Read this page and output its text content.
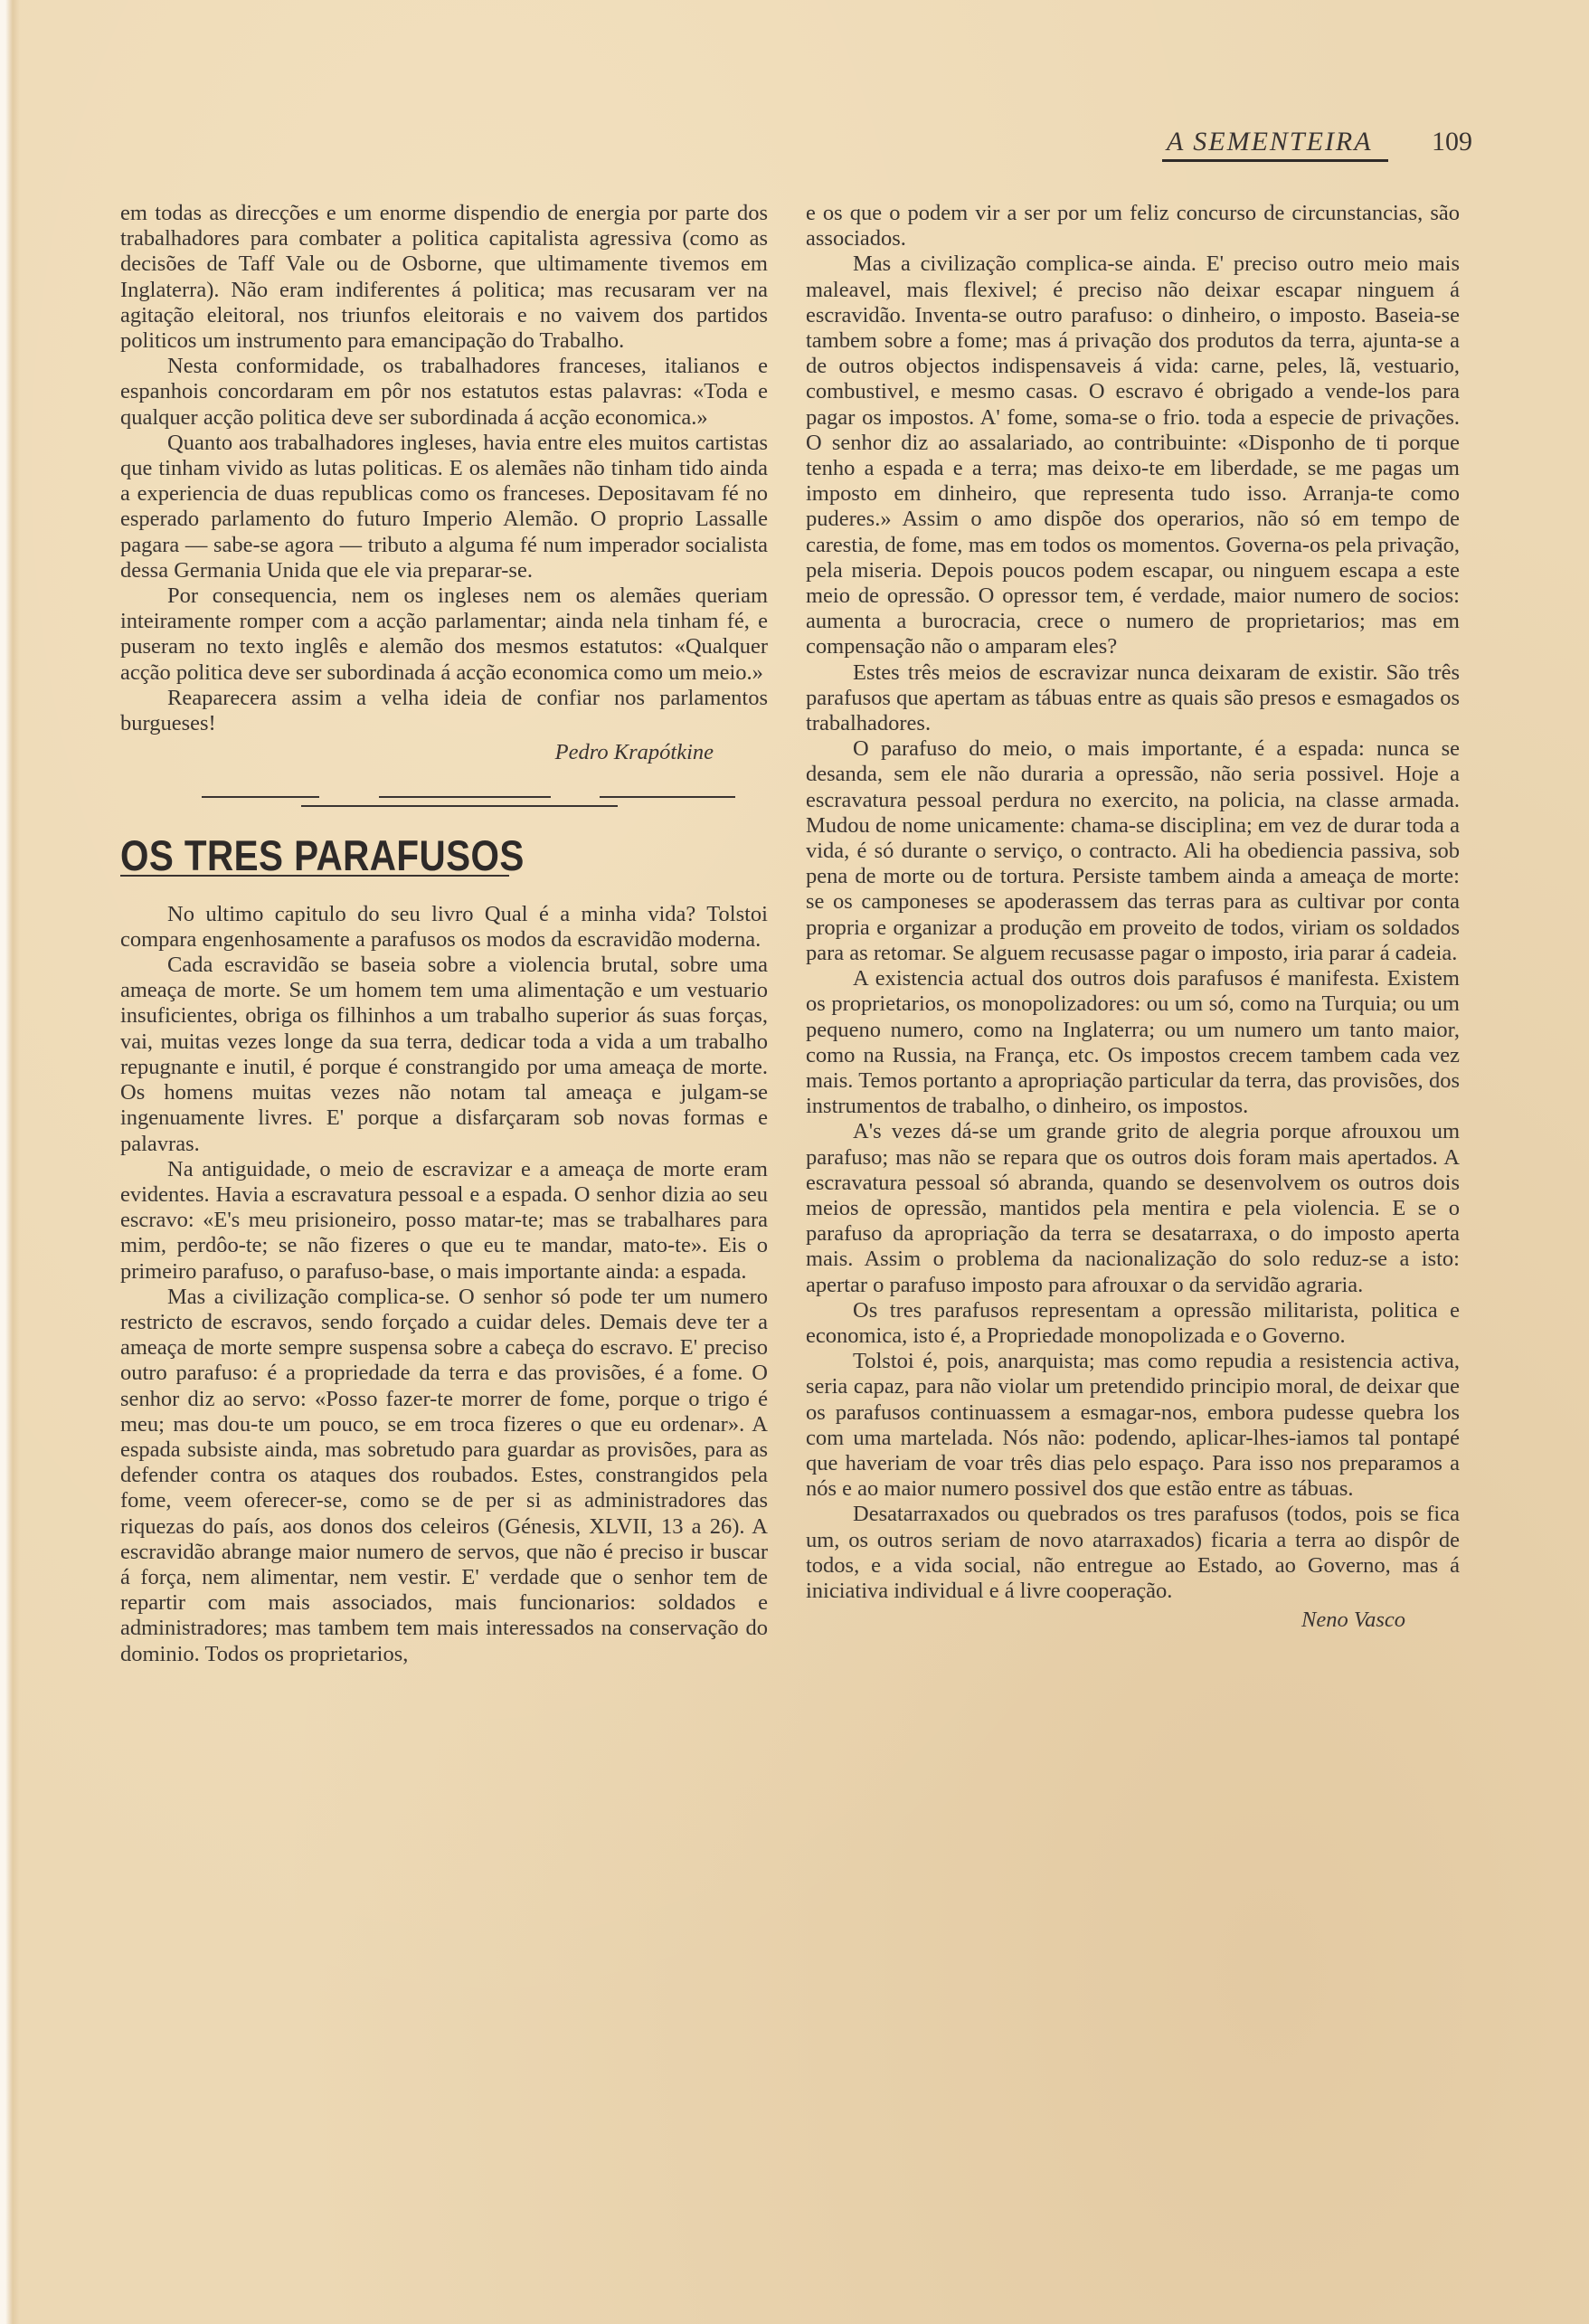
A SEMENTEIRA 109

em todas as direcções e um enorme dispendio de energia por parte dos trabalhadores para combater a politica capitalista agressiva (como as decisões de Taff Vale ou de Osborne, que ultimamente tivemos em Inglaterra). Não eram indiferentes á politica; mas recusaram ver na agitação eleitoral, nos triunfos eleitorais e no vaivem dos partidos politicos um instrumento para emancipação do Trabalho.

Nesta conformidade, os trabalhadores franceses, italianos e espanhois concordaram em pôr nos estatutos estas palavras: «Toda e qualquer acção politica deve ser subordinada á acção economica.»

Quanto aos trabalhadores ingleses, havia entre eles muitos cartistas que tinham vivido as lutas politicas. E os alemães não tinham tido ainda a experiencia de duas republicas como os franceses. Depositavam fé no esperado parlamento do futuro Imperio Alemão. O proprio Lassalle pagara — sabe-se agora — tributo a alguma fé num imperador socialista dessa Germania Unida que ele via preparar-se.

Por consequencia, nem os ingleses nem os alemães queriam inteiramente romper com a acção parlamentar; ainda nela tinham fé, e puseram no texto inglês e alemão dos mesmos estatutos: «Qualquer acção politica deve ser subordinada á acção economica como um meio.»

Reaparecera assim a velha ideia de confiar nos parlamentos burgueses!

Pedro Krapótkine

OS TRES PARAFUSOS

No ultimo capitulo do seu livro Qual é a minha vida? Tolstoi compara engenhosamente a parafusos os modos da escravidão moderna.

Cada escravidão se baseia sobre a violencia brutal, sobre uma ameaça de morte. Se um homem tem uma alimentação e um vestuario insuficientes, obriga os filhinhos a um trabalho superior ás suas forças, vai, muitas vezes longe da sua terra, dedicar toda a vida a um trabalho repugnante e inutil, é porque é constrangido por uma ameaça de morte. Os homens muitas vezes não notam tal ameaça e julgam-se ingenuamente livres. E' porque a disfarçaram sob novas formas e palavras.

Na antiguidade, o meio de escravizar e a ameaça de morte eram evidentes. Havia a escravatura pessoal e a espada. O senhor dizia ao seu escravo: «E's meu prisioneiro, posso matar-te; mas se trabalhares para mim, perdôo-te; se não fizeres o que eu te mandar, mato-te». Eis o primeiro parafuso, o parafuso-base, o mais importante ainda: a espada.

Mas a civilização complica-se. O senhor só pode ter um numero restricto de escravos, sendo forçado a cuidar deles. Demais deve ter a ameaça de morte sempre suspensa sobre a cabeça do escravo. E' preciso outro parafuso: é a propriedade da terra e das provisões, é a fome. O senhor diz ao servo: «Posso fazer-te morrer de fome, porque o trigo é meu; mas dou-te um pouco, se em troca fizeres o que eu ordenar». A espada subsiste ainda, mas sobretudo para guardar as provisões, para as defender contra os ataques dos roubados. Estes, constrangidos pela fome, veem oferecer-se, como se de per si as administradores das riquezas do país, aos donos dos celeiros (Génesis, XLVII, 13 a 26). A escravidão abrange maior numero de servos, que não é preciso ir buscar á força, nem alimentar, nem vestir. E' verdade que o senhor tem de repartir com mais associados, mais funcionarios: soldados e administradores; mas tambem tem mais interessados na conservação do dominio. Todos os proprietarios,

e os que o podem vir a ser por um feliz concurso de circunstancias, são associados.

Mas a civilização complica-se ainda. E' preciso outro meio mais maleavel, mais flexivel; é preciso não deixar escapar ninguem á escravidão. Inventa-se outro parafuso: o dinheiro, o imposto. Baseia-se tambem sobre a fome; mas á privação dos produtos da terra, ajunta-se a de outros objectos indispensaveis á vida: carne, peles, lã, vestuario, combustivel, e mesmo casas. O escravo é obrigado a vende-los para pagar os impostos. A' fome, soma-se o frio. toda a especie de privações. O senhor diz ao assalariado, ao contribuinte: «Disponho de ti porque tenho a espada e a terra; mas deixo-te em liberdade, se me pagas um imposto em dinheiro, que representa tudo isso. Arranja-te como puderes.» Assim o amo dispõe dos operarios, não só em tempo de carestia, de fome, mas em todos os momentos. Governa-os pela privação, pela miseria. Depois poucos podem escapar, ou ninguem escapa a este meio de opressão. O opressor tem, é verdade, maior numero de socios: aumenta a burocracia, crece o numero de proprietarios; mas em compensação não o amparam eles?

Estes três meios de escravizar nunca deixaram de existir. São três parafusos que apertam as tábuas entre as quais são presos e esmagados os trabalhadores.

O parafuso do meio, o mais importante, é a espada: nunca se desanda, sem ele não duraria a opressão, não seria possivel. Hoje a escravatura pessoal perdura no exercito, na policia, na classe armada. Mudou de nome unicamente: chama-se disciplina; em vez de durar toda a vida, é só durante o serviço, o contracto. Ali ha obediencia passiva, sob pena de morte ou de tortura. Persiste tambem ainda a ameaça de morte: se os camponeses se apoderassem das terras para as cultivar por conta propria e organizar a produção em proveito de todos, viriam os soldados para as retomar. Se alguem recusasse pagar o imposto, iria parar á cadeia.

A existencia actual dos outros dois parafusos é manifesta. Existem os proprietarios, os monopolizadores: ou um só, como na Turquia; ou um pequeno numero, como na Inglaterra; ou um numero um tanto maior, como na Russia, na França, etc. Os impostos crecem tambem cada vez mais. Temos portanto a apropriação particular da terra, das provisões, dos instrumentos de trabalho, o dinheiro, os impostos.

A's vezes dá-se um grande grito de alegria porque afrouxou um parafuso; mas não se repara que os outros dois foram mais apertados. A escravatura pessoal só abranda, quando se desenvolvem os outros dois meios de opressão, mantidos pela mentira e pela violencia. E se o parafuso da apropriação da terra se desatarraxa, o do imposto aperta mais. Assim o problema da nacionalização do solo reduz-se a isto: apertar o parafuso imposto para afrouxar o da servidão agraria.

Os tres parafusos representam a opressão militarista, politica e economica, isto é, a Propriedade monopolizada e o Governo.

Tolstoi é, pois, anarquista; mas como repudia a resistencia activa, seria capaz, para não violar um pretendido principio moral, de deixar que os parafusos continuassem a esmagar-nos, embora pudesse quebra los com uma martelada. Nós não: podendo, aplicar-lhes-iamos tal pontapé que haveriam de voar três dias pelo espaço. Para isso nos preparamos a nós e ao maior numero possivel dos que estão entre as tábuas.

Desatarraxados ou quebrados os tres parafusos (todos, pois se fica um, os outros seriam de novo atarraxados) ficaria a terra ao dispôr de todos, e a vida social, não entregue ao Estado, ao Governo, mas á iniciativa individual e á livre cooperação.

Neno Vasco
